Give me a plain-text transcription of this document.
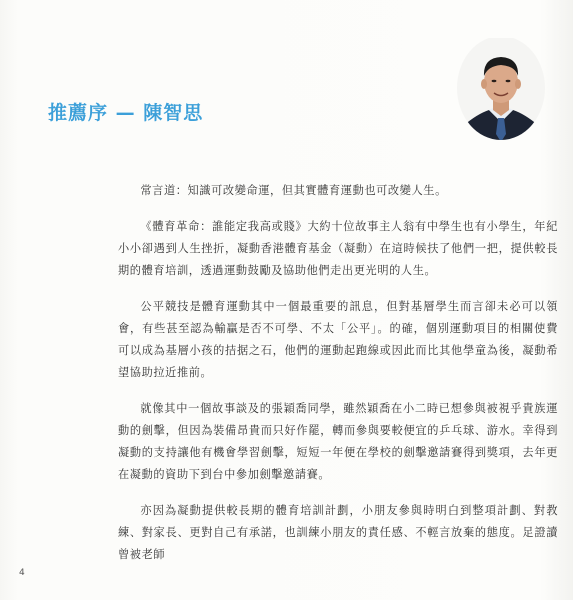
推薦序 — 陳智思

常言道：知識可改變命運，但其實體育運動也可改變人生。

《體育革命：誰能定我高或賤》大約十位故事主人翁有中學生也有小學生，年紀小小卻遇到人生挫折，凝動香港體育基金（凝動）在這時候扶了他們一把，提供較長期的體育培訓，透過運動鼓勵及協助他們走出更光明的人生。

公平競技是體育運動其中一個最重要的訊息，但對基層學生而言卻未必可以領會，有些甚至認為輸贏是否不可學、不太「公平」。的確，個別運動項目的相關使費可以成為基層小孩的拮据之石，他們的運動起跑線或因此而比其他學童為後，凝動希望協助拉近推前。

就像其中一個故事談及的張穎喬同學，雖然穎喬在小二時已想參與被視乎貴族運動的劍擊，但因為裝備昂貴而只好作罷，轉而參與要較便宜的乒乓球、游水。幸得到凝動的支持讓他有機會學習劍擊，短短一年便在學校的劍擊邀請賽得到獎項，去年更在凝動的資助下到台中參加劍擊邀請賽。

亦因為凝動提供較長期的體育培訓計劃，小朋友參與時明白到整項計劃、對教練、對家長、更對自己有承諾，也訓練小朋友的責任感、不輕言放棄的態度。足證讀曾被老師

4
